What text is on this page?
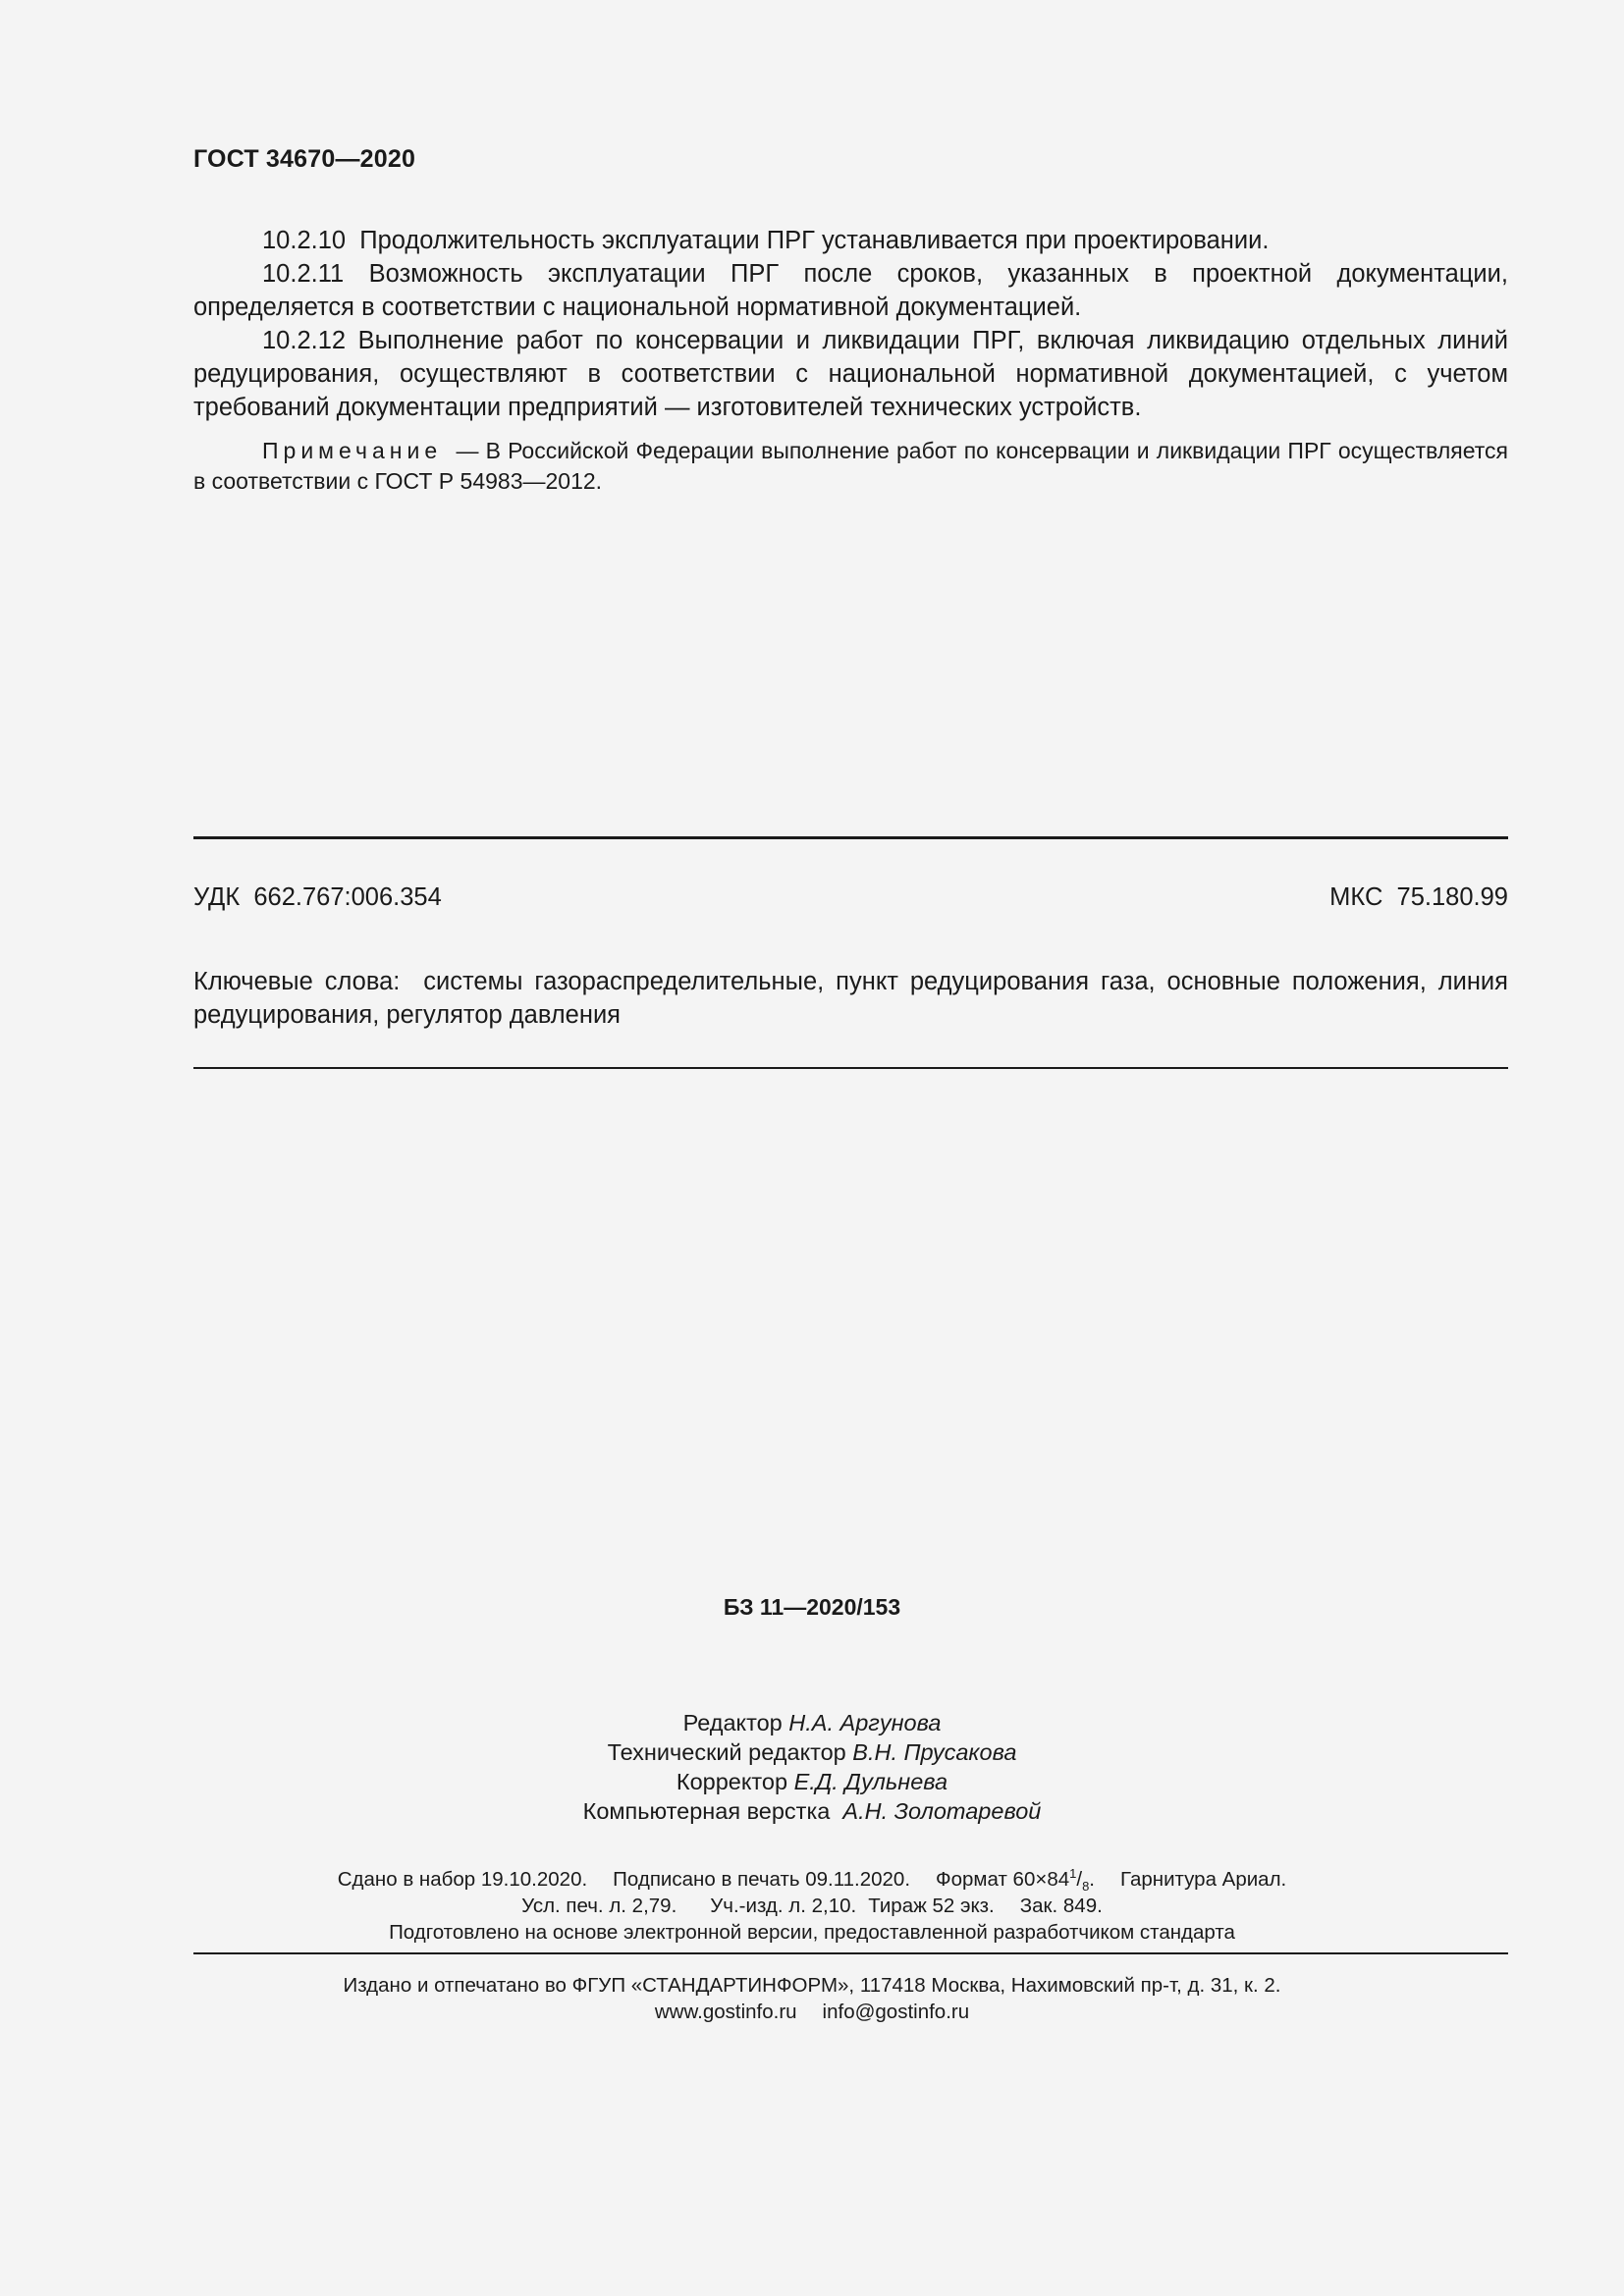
ГОСТ 34670—2020

10.2.10 Продолжительность эксплуатации ПРГ устанавливается при проектировании.

10.2.11 Возможность эксплуатации ПРГ после сроков, указанных в проектной документации, определяется в соответствии с национальной нормативной документацией.

10.2.12 Выполнение работ по консервации и ликвидации ПРГ, включая ликвидацию отдельных линий редуцирования, осуществляют в соответствии с национальной нормативной документацией, с учетом требований документации предприятий — изготовителей технических устройств.

Примечание — В Российской Федерации выполнение работ по консервации и ликвидации ПРГ осуществляется в соответствии с ГОСТ Р 54983—2012.

УДК 662.767:006.354	МКС 75.180.99

Ключевые слова: системы газораспределительные, пункт редуцирования газа, основные положения, линия редуцирования, регулятор давления

БЗ 11—2020/153
Редактор Н.А. Аргунова
Технический редактор В.Н. Прусакова
Корректор Е.Д. Дульнева
Компьютерная верстка А.Н. Золотаревой
Сдано в набор 19.10.2020. Подписано в печать 09.11.2020. Формат $60\times 84^1/_8$. Гарнитура Ариал.
Усл. печ. л. 2,79. Уч.-изд. л. 2,10. Тираж 52 экз. Зак. 849.
Подготовлено на основе электронной версии, предоставленной разработчиком стандарта
Издано и отпечатано во ФГУП «СТАНДАРТИНФОРМ», 117418 Москва, Нахимовский пр-т, д. 31, к. 2.
www.gostinfo.ru info@gostinfo.ru
